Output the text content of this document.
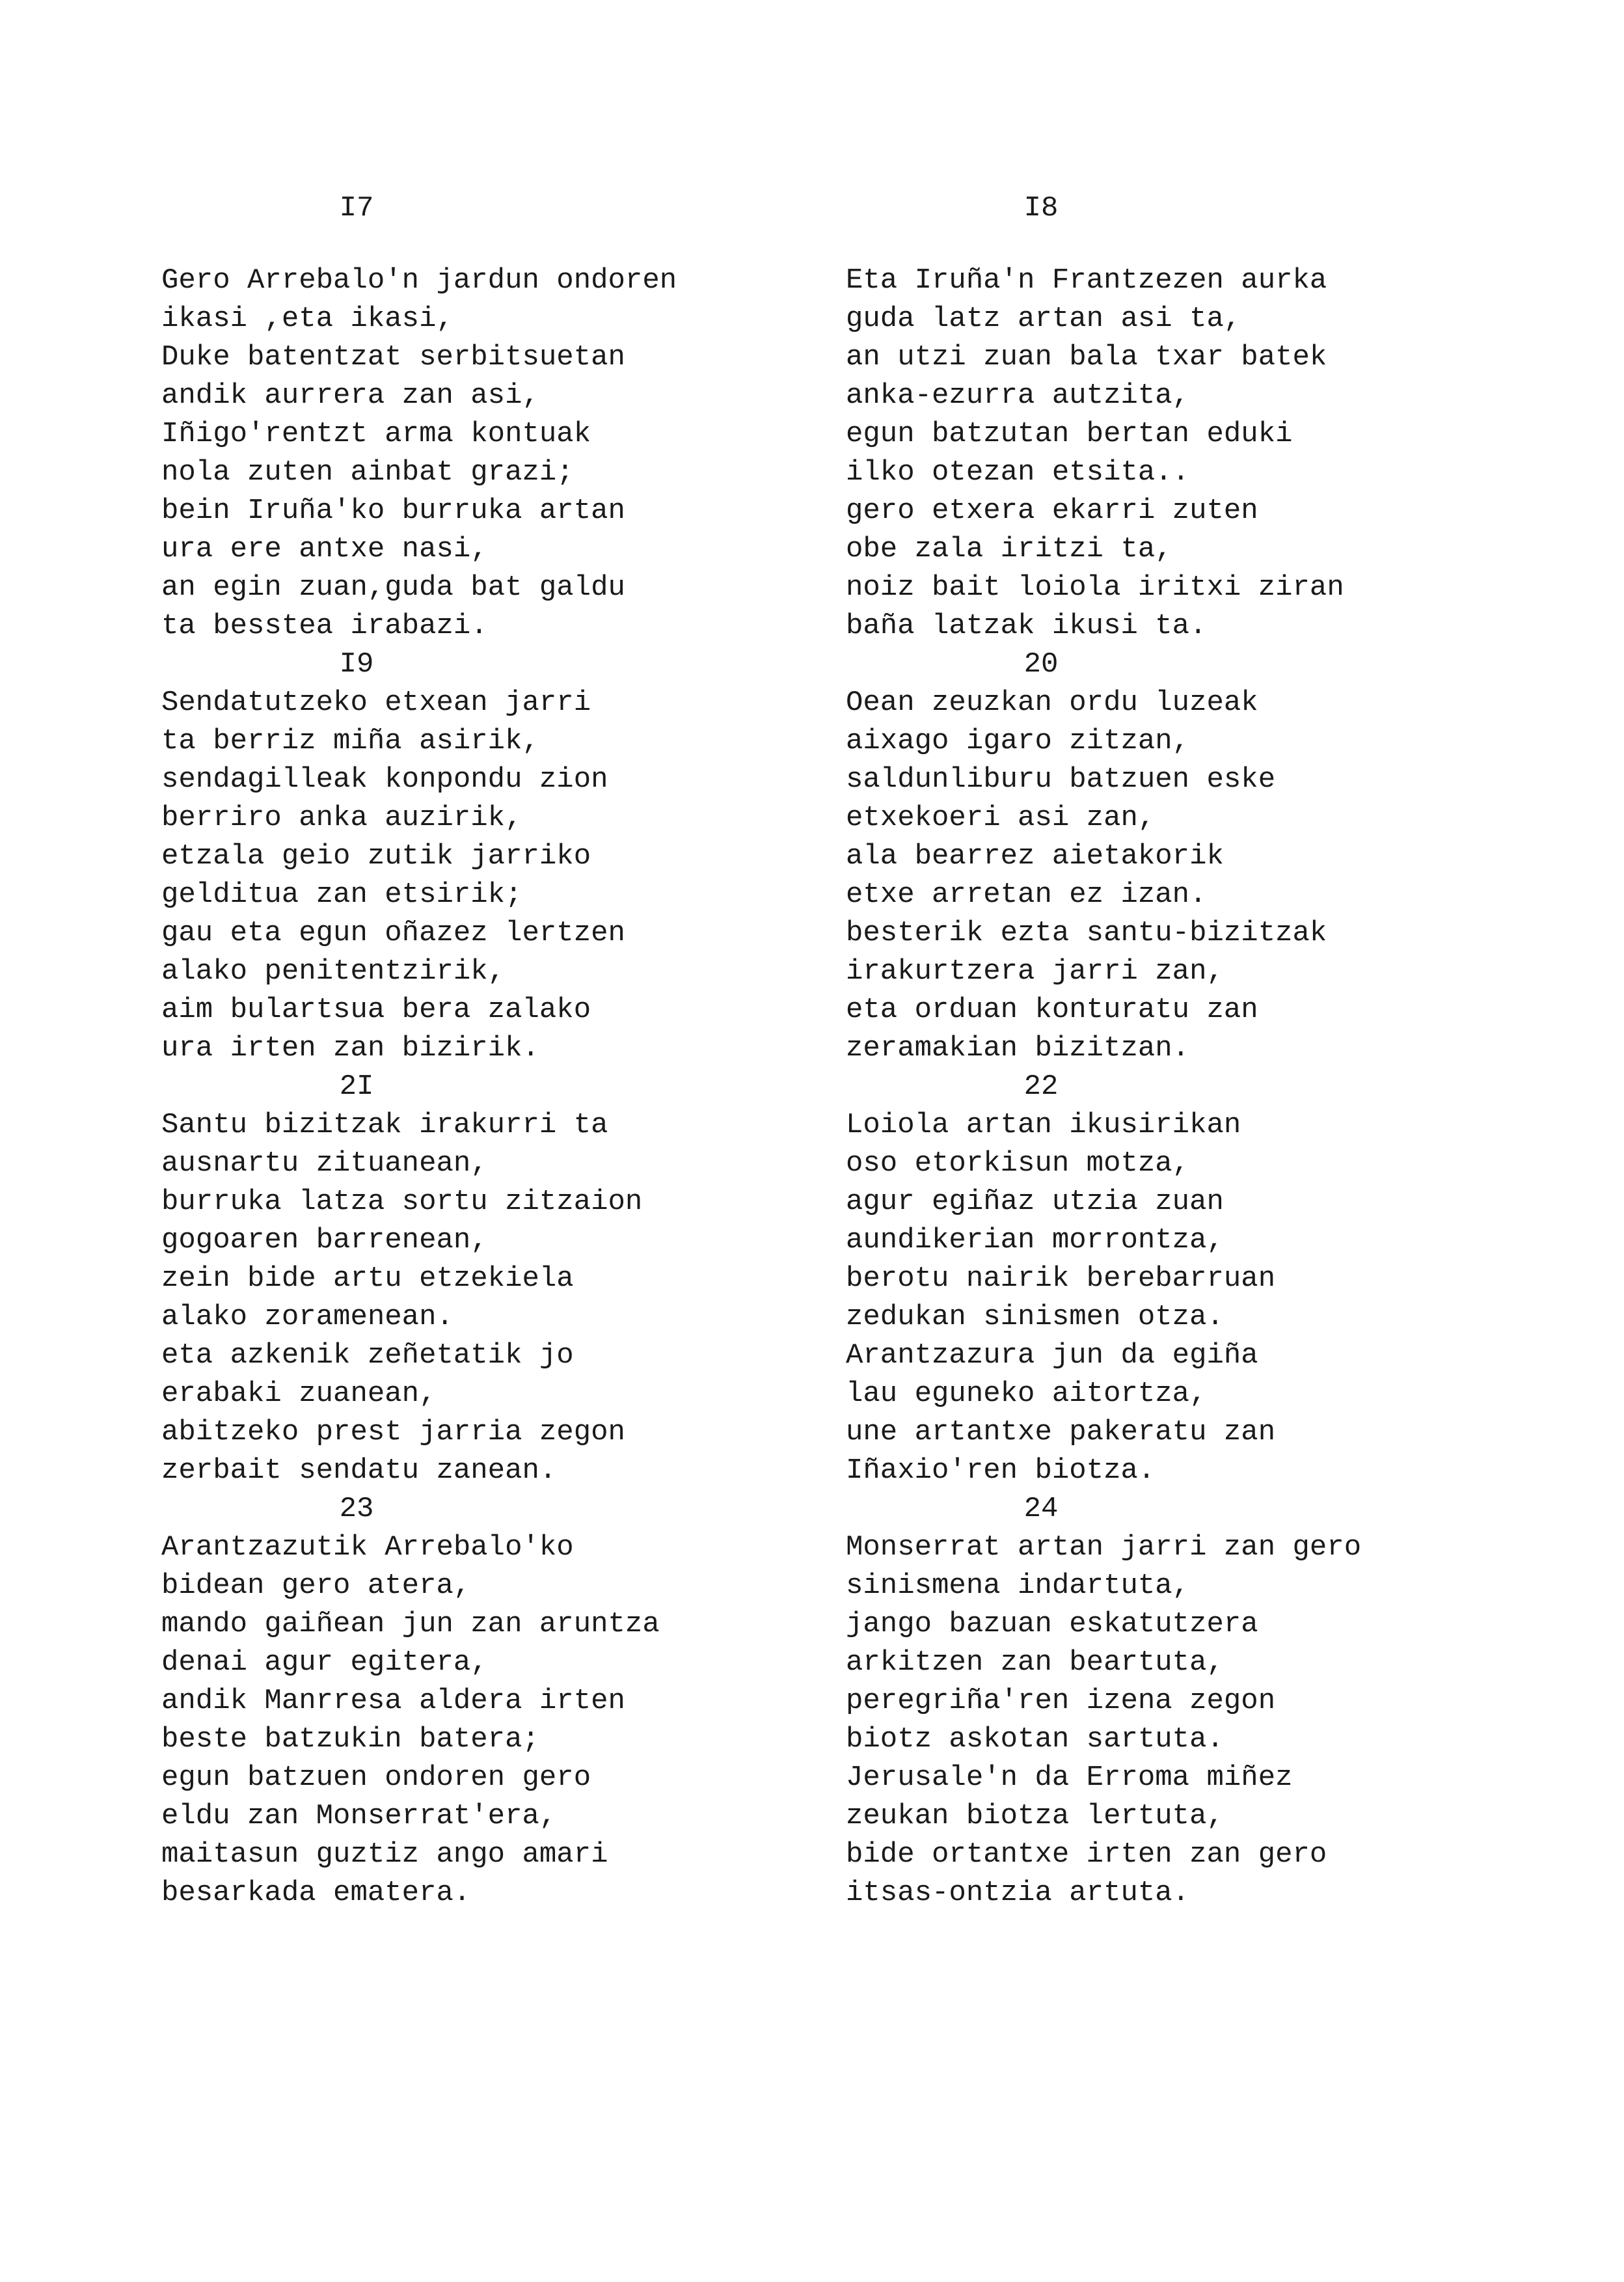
I7
Gero Arrebalo'n jardun ondoren
ikasi ,eta ikasi,
Duke batentzat serbitsuetan
andik aurrera zan asi,
Iñigo'rentzt arma kontuak
nola zuten ainbat grazi;
bein Iruña'ko burruka artan
ura ere antxe nasi,
an egin zuan,guda bat galdu
ta besstea irabazi.
I9
Sendatutzeko etxean jarri
ta berriz miña asirik,
sendagilleak konpondu zion
berriro anka auzirik,
etzala geio zutik jarriko
gelditua zan etsirik;
gau eta egun oñazez lertzen
alako penitentzirik,
aim bulartsua bera zalako
ura irten zan bizirik.
2I
Santu bizitzak irakurri ta
ausnartu zituanean,
burruka latza sortu zitzaion
gogoaren barrenean,
zein bide artu etzekiela
alako zoramenean.
eta azkenik zeñetatik jo
erabaki zuanean,
abitzeko prest jarria zegon
zerbait sendatu zanean.
23
Arantzazutik Arrebalo'ko
bidean gero atera,
mando gaiñean jun zan aruntza
denai agur egitera,
andik Manrresa aldera irten
beste batzukin batera;
egun batzuen ondoren gero
eldu zan Monserrat'era,
maitasun guztiz ango amari
besarkada ematera.
I8
Eta Iruña'n Frantzezen aurka
guda latz artan asi ta,
an utzi zuan bala txar batek
anka-ezurra autzita,
egun batzutan bertan eduki
ilko otezan etsita..
gero etxera ekarri zuten
obe zala iritzi ta,
noiz bait loiola iritxi ziran
baña latzak ikusi ta.
20
Oean zeuzkan ordu luzeak
aixago igaro zitzan,
saldunliburu batzuen eske
etxekoeri asi zan,
ala bearrez aietakorik
etxe arretan ez izan.
besterik ezta santu-bizitzak
irakurtzera jarri zan,
eta orduan konturatu zan
zeramakian bizitzan.
22
Loiola artan ikusirikan
oso etorkisun motza,
agur egiñaz utzia zuan
aundikerian morrontza,
berotu nairik berebarruan
zedukan sinismen otza.
Arantzazura jun da egiña
lau eguneko aitortza,
une artantxe pakeratu zan
Iñaxio'ren biotza.
24
Monserrat artan jarri zan gero
sinismena indartuta,
jango bazuan eskatutzera
arkitzen zan beartuta,
peregriña'ren izena zegon
biotz askotan sartuta.
Jerusale'n da Erroma miñez
zeukan biotza lertuta,
bide ortantxe irten zan gero
itsas-ontzia artuta.
